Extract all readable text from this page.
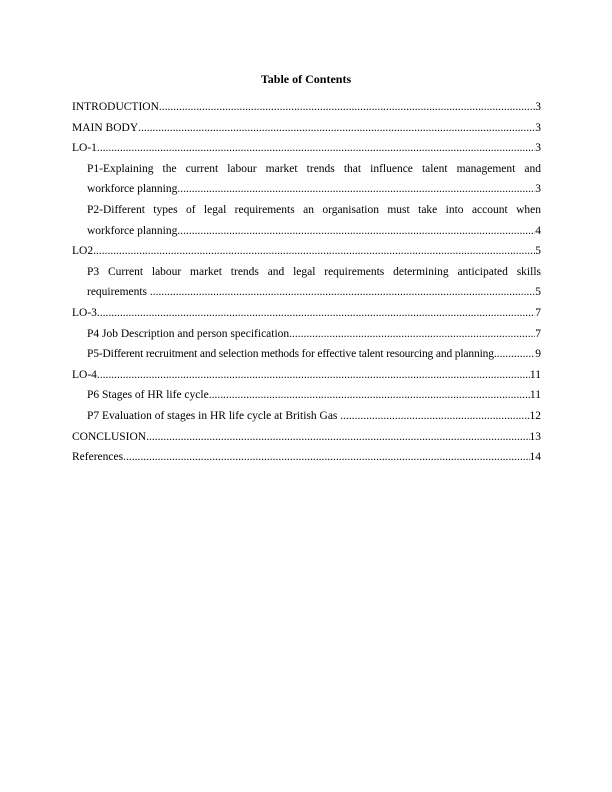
Table of Contents
INTRODUCTION .....	3
MAIN BODY .....	3
LO-1 .....	3
P1-Explaining the current labour market trends that influence talent management and
workforce planning .....	3
P2-Different types of legal requirements an organisation must take into account when
workforce planning .....	4
LO2 .....	5
P3 Current labour market trends and legal requirements determining anticipated skills
requirements .....	5
LO-3 .....	7
P4 Job Description and person specification .....	7
P5-Different recruitment and selection methods for effective talent resourcing and planning .....	9
LO-4 .....	11
P6 Stages of HR life cycle .....	11
P7 Evaluation of stages in HR life cycle at British Gas .....	12
CONCLUSION .....	13
References .....	14
